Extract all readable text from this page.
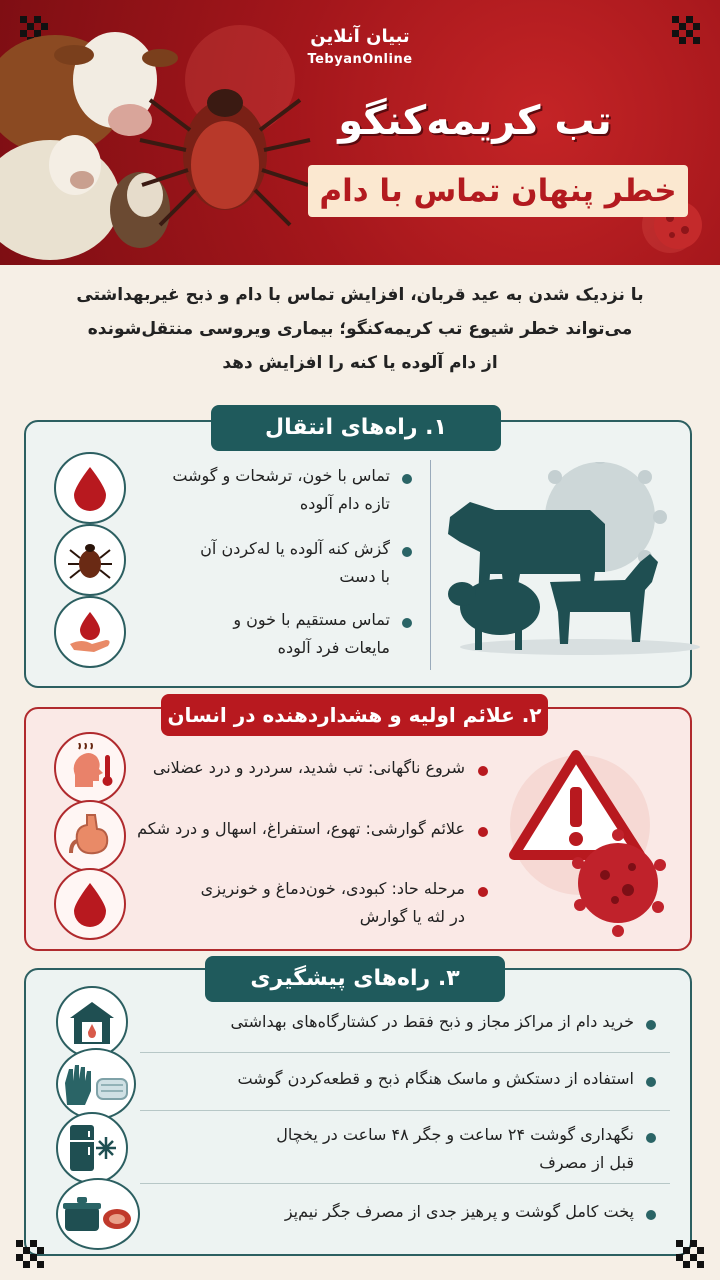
تبیان آنلاین
TebyanOnline
تب کریمه‌کنگو
خطر پنهان تماس با دام
با نزدیک شدن به عید قربان، افزایش تماس با دام و ذبح غیربهداشتی
می‌تواند خطر شیوع تب کریمه‌کنگو؛ بیماری ویروسی منتقل‌شونده
از دام آلوده یا کنه را افزایش دهد
۱. راه‌های انتقال
تماس با خون، ترشحات و گوشت
تازه دام آلوده
گزش کنه آلوده یا له‌کردن آن
با دست
تماس مستقیم با خون و
مایعات فرد آلوده
۲. علائم اولیه و هشداردهنده در انسان
شروع ناگهانی: تب شدید، سردرد و درد عضلانی
علائم گوارشی: تهوع، استفراغ، اسهال و درد شکم
مرحله حاد: کبودی، خون‌دماغ و خونریزی
در لثه یا گوارش
۳. راه‌های پیشگیری
خرید دام از مراکز مجاز و ذبح فقط در کشتارگاه‌های بهداشتی
استفاده از دستکش و ماسک هنگام ذبح و قطعه‌کردن گوشت
نگهداری گوشت ۲۴ ساعت و جگر ۴۸ ساعت در یخچال
قبل از مصرف
پخت کامل گوشت و پرهیز جدی از مصرف جگر نیم‌پز
